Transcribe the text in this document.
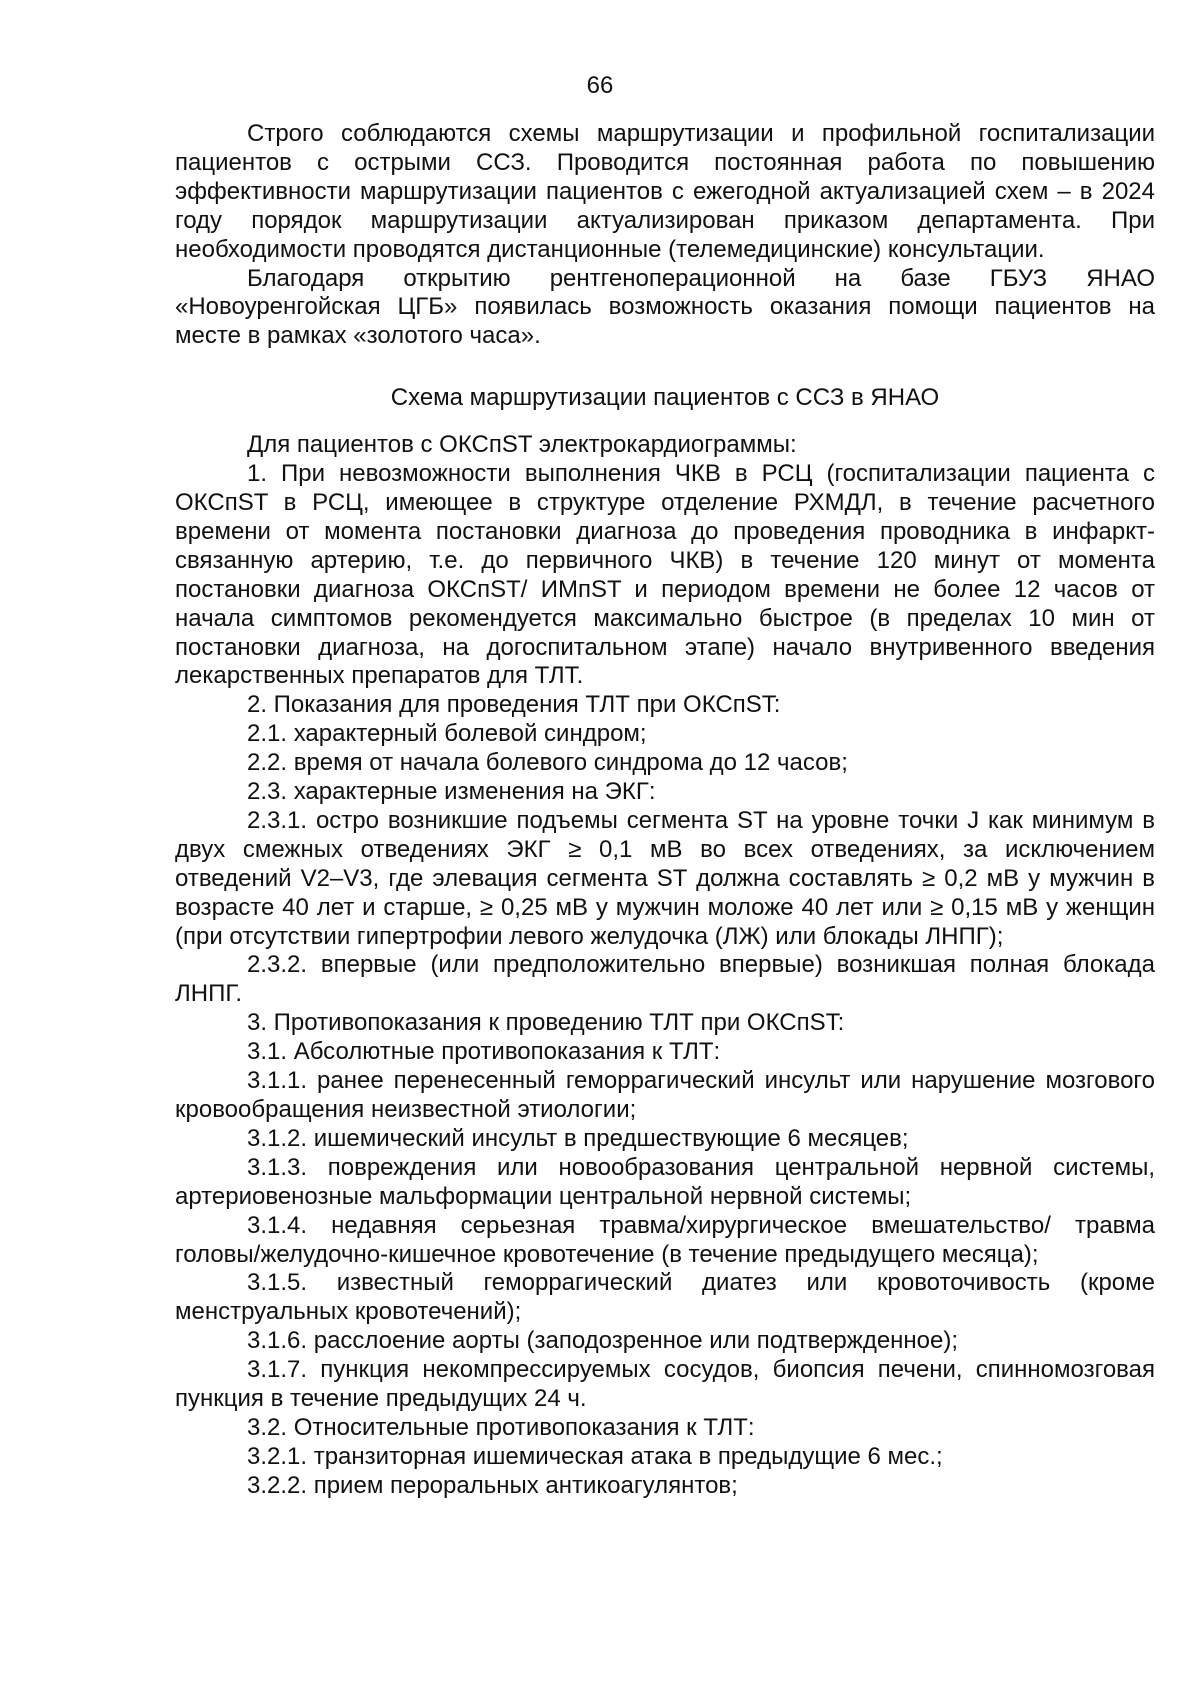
66

Строго соблюдаются схемы маршрутизации и профильной госпитализации пациентов с острыми ССЗ. Проводится постоянная работа по повышению эффективности маршрутизации пациентов с ежегодной актуализацией схем – в 2024 году порядок маршрутизации актуализирован приказом департамента. При необходимости проводятся дистанционные (телемедицинские) консультации.

Благодаря открытию рентгеноперационной на базе ГБУЗ ЯНАО «Новоуренгойская ЦГБ» появилась возможность оказания помощи пациентов на месте в рамках «золотого часа».

Схема маршрутизации пациентов с ССЗ в ЯНАО

Для пациентов с ОКСпST электрокардиограммы:

1. При невозможности выполнения ЧКВ в РСЦ (госпитализации пациента с ОКСпST в РСЦ, имеющее в структуре отделение РХМДЛ, в течение расчетного времени от момента постановки диагноза до проведения проводника в инфаркт-связанную артерию, т.е. до первичного ЧКВ) в течение 120 минут от момента постановки диагноза ОКСпST/ ИМпST и периодом времени не более 12 часов от начала симптомов рекомендуется максимально быстрое (в пределах 10 мин от постановки диагноза, на догоспитальном этапе) начало внутривенного введения лекарственных препаратов для ТЛТ.

2. Показания для проведения ТЛТ при ОКСпST:

2.1. характерный болевой синдром;

2.2. время от начала болевого синдрома до 12 часов;

2.3. характерные изменения на ЭКГ:

2.3.1. остро возникшие подъемы сегмента ST на уровне точки J как минимум в двух смежных отведениях ЭКГ ≥ 0,1 мВ во всех отведениях, за исключением отведений V2–V3, где элевация сегмента ST должна составлять ≥ 0,2 мВ у мужчин в возрасте 40 лет и старше, ≥ 0,25 мВ у мужчин моложе 40 лет или ≥ 0,15 мВ у женщин (при отсутствии гипертрофии левого желудочка (ЛЖ) или блокады ЛНПГ);

2.3.2. впервые (или предположительно впервые) возникшая полная блокада ЛНПГ.

3. Противопоказания к проведению ТЛТ при ОКСпST:

3.1. Абсолютные противопоказания к ТЛТ:

3.1.1. ранее перенесенный геморрагический инсульт или нарушение мозгового кровообращения неизвестной этиологии;

3.1.2. ишемический инсульт в предшествующие 6 месяцев;

3.1.3. повреждения или новообразования центральной нервной системы, артериовенозные мальформации центральной нервной системы;

3.1.4. недавняя серьезная травма/хирургическое вмешательство/ травма головы/желудочно-кишечное кровотечение (в течение предыдущего месяца);

3.1.5. известный геморрагический диатез или кровоточивость (кроме менструальных кровотечений);

3.1.6. расслоение аорты (заподозренное или подтвержденное);

3.1.7. пункция некомпрессируемых сосудов, биопсия печени, спинномозговая пункция в течение предыдущих 24 ч.

3.2. Относительные противопоказания к ТЛТ:

3.2.1. транзиторная ишемическая атака в предыдущие 6 мес.;

3.2.2. прием пероральных антикоагулянтов;
